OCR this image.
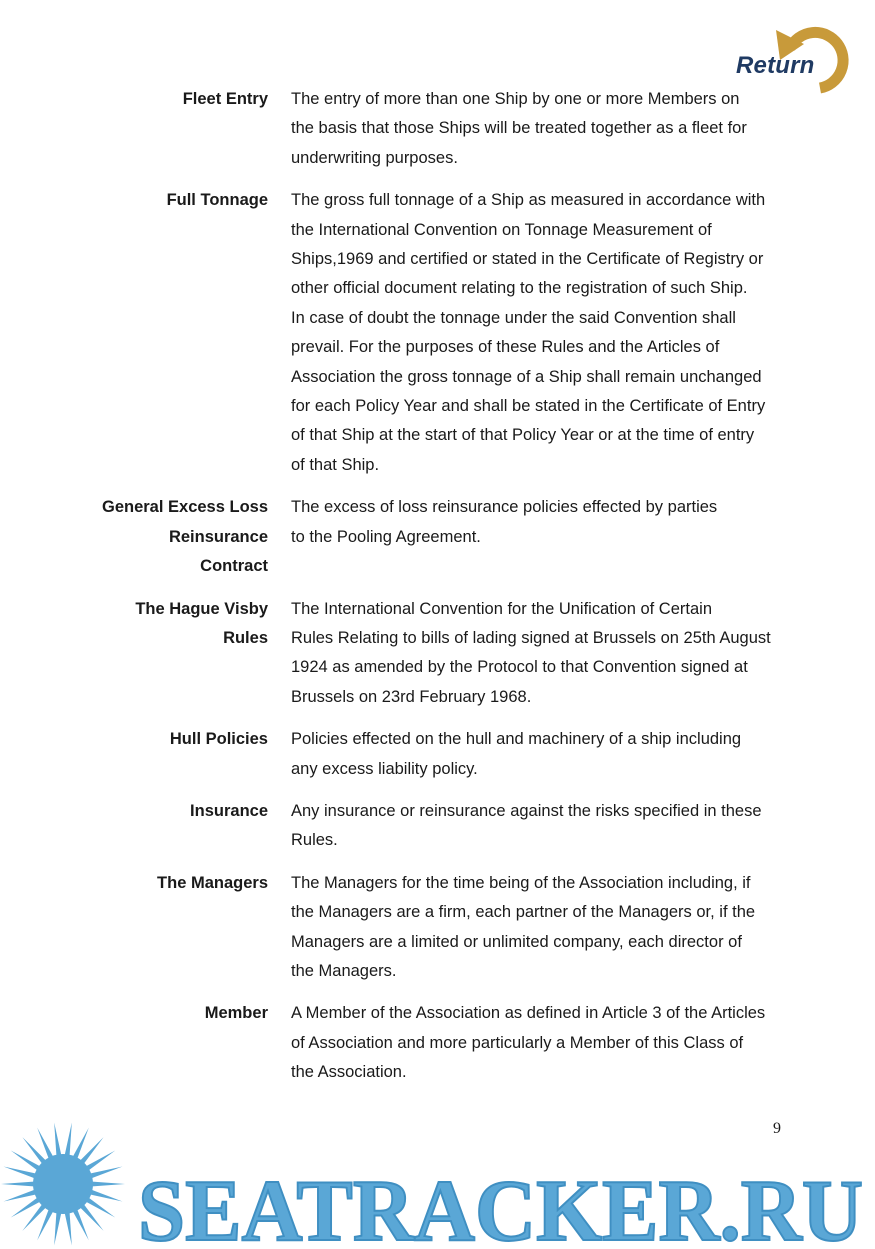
Return
Fleet Entry The entry of more than one Ship by one or more Members on
the basis that those Ships will be treated together as a fleet for
underwriting purposes.
Full Tonnage The gross full tonnage of a Ship as measured in accordance with
the International Convention on Tonnage Measurement of
Ships,1969 and certified or stated in the Certificate of Registry or
other official document relating to the registration of such Ship.
In case of doubt the tonnage under the said Convention shall
prevail. For the purposes of these Rules and the Articles of
Association the gross tonnage of a Ship shall remain unchanged
for each Policy Year and shall be stated in the Certificate of Entry
of that Ship at the start of that Policy Year or at the time of entry
of that Ship.
General Excess Loss
Reinsurance
Contract
The excess of loss reinsurance policies effected by parties
to the Pooling Agreement.
The Hague Visby
Rules
The International Convention for the Unification of Certain
Rules Relating to bills of lading signed at Brussels on 25th August
1924 as amended by the Protocol to that Convention signed at
Brussels on 23rd February 1968.
Hull Policies Policies effected on the hull and machinery of a ship including
any excess liability policy.
Insurance Any insurance or reinsurance against the risks specified in these
Rules.
The Managers The Managers for the time being of the Association including, if
the Managers are a firm, each partner of the Managers or, if the
Managers are a limited or unlimited company, each director of
the Managers.
Member A Member of the Association as defined in Article 3 of the Articles
of Association and more particularly a Member of this Class of
the Association.
9
SEATRACKER.RU
